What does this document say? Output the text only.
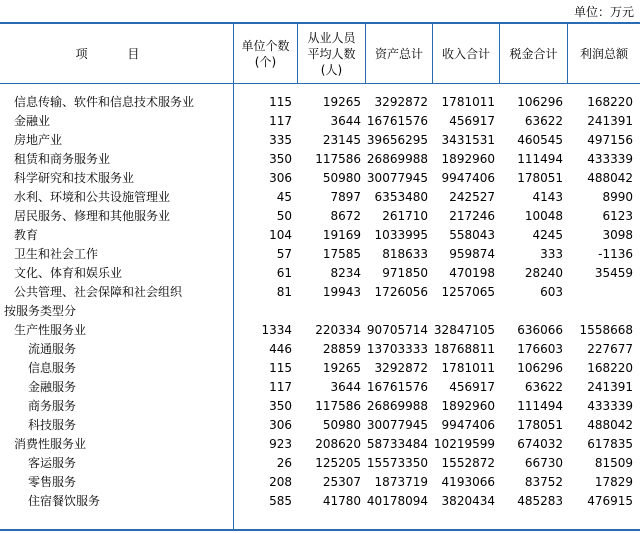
单位：万元
项 目
单位个数
(个)
从业人员
平均人数
(人)
资产总计 收入合计 税金合计 利润总额
信息传输、软件和信息技术服务业	115	19265 3292872 1781011 106296 168220
金融业	117	3644 16761576 456917 63622 241391
房地产业	335	23145 39656295 3431531 460545 497156
租赁和商务服务业	350 117586 26869988 1892960 111494 433339
科学研究和技术服务业	306	50980 30077945 9947406 178051 488042
水利、环境和公共设施管理业	45	7897 6353480 242527	4143	8990
居民服务、修理和其他服务业	50	8672 261710 217246 10048	6123
教育	104	19169 1033995 558043	4245	3098
卫生和社会工作	57	17585 818633 959874	333	-1136
文化、体育和娱乐业	61	8234 971850 470198 28240	35459
公共管理、社会保障和社会组织	81	19943 1726056 1257065	603
按服务类型分
生产性服务业	1334 220334 90705714 32847105 636066 1558668
流通服务	446	28859 13703333 18768811 176603 227677
信息服务	115	19265 3292872 1781011 106296 168220
金融服务	117	3644 16761576 456917 63622 241391
商务服务	350 117586 26869988 1892960 111494 433339
科技服务	306	50980 30077945 9947406 178051 488042
消费性服务业	923 208620 58733484 10219599 674032 617835
客运服务	26 125205 15573350 1552872 66730	81509
零售服务	208	25307 1873719 4193066 83752	17829
住宿餐饮服务	585	41780 40178094 3820434 485283 476915
